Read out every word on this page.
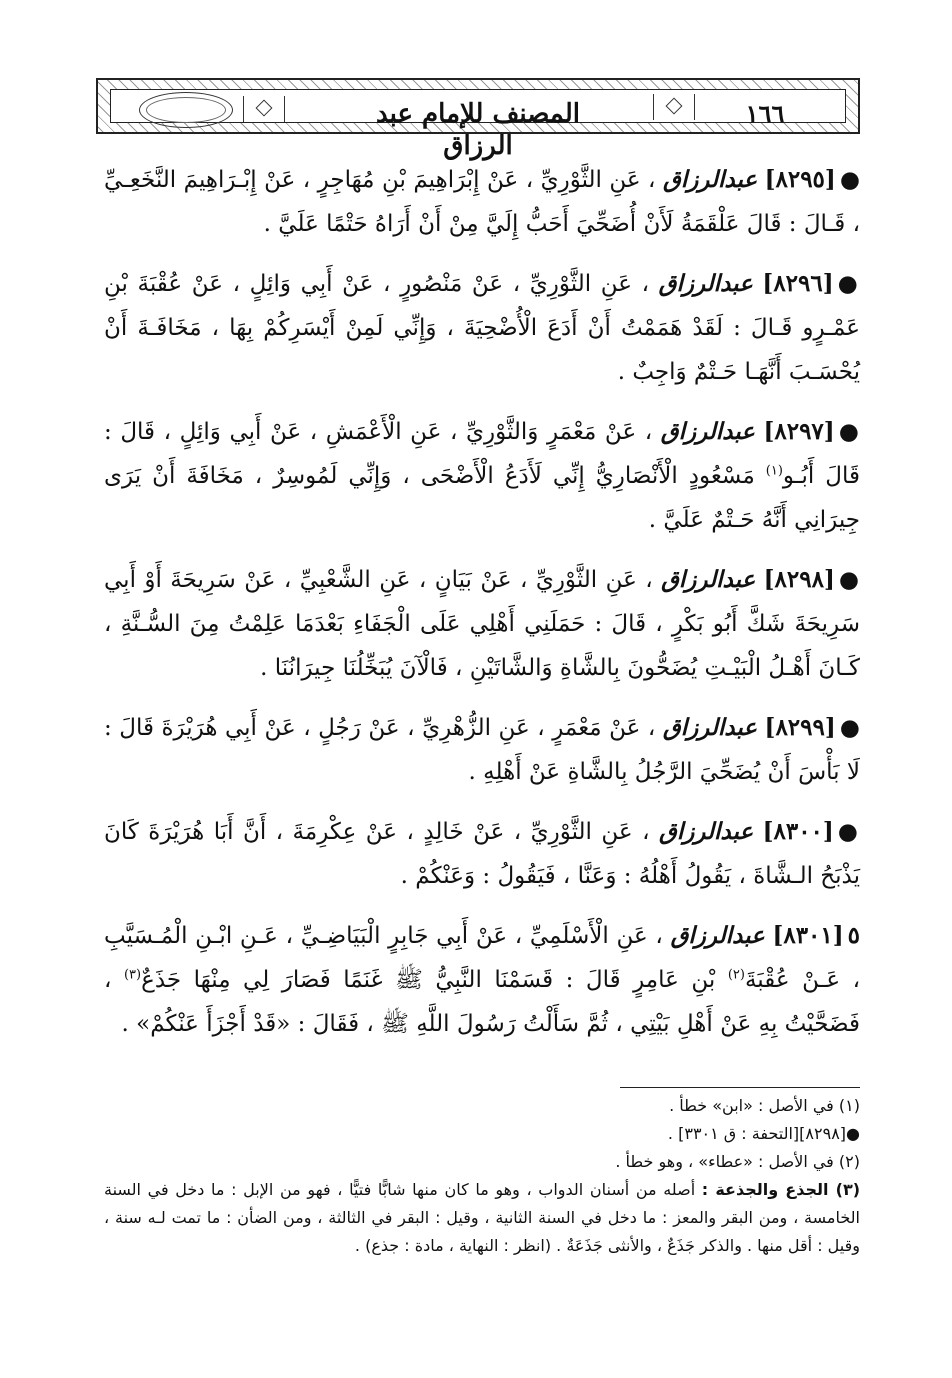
المصنف للإمام عبد الرزاق
١٦٦

●[٨٢٩٥] عبدالرزاق ، عَنِ الثَّوْرِيِّ ، عَنْ إِبْرَاهِيمَ بْنِ مُهَاجِرٍ ، عَنْ إِبْـرَاهِيمَ النَّخَعِـيِّ ، قَـالَ : قَالَ عَلْقَمَةُ لَأَنْ أُضَحِّيَ أَحَبُّ إِلَيَّ مِنْ أَنْ أَرَاهُ حَتْمًا عَلَيَّ .

●[٨٢٩٦] عبدالرزاق ، عَنِ الثَّوْرِيِّ ، عَنْ مَنْصُورٍ ، عَنْ أَبِي وَائِلٍ ، عَنْ عُقْبَةَ بْنِ عَمْـرٍو قَـالَ : لَقَدْ هَمَمْتُ أَنْ أَدَعَ الْأُضْحِيَةَ ، وَإِنِّي لَمِنْ أَيْسَرِكُمْ بِهَا ، مَخَافَـةَ أَنْ يُحْسَـبَ أَنَّهَـا حَـتْمٌ وَاجِبٌ .

●[٨٢٩٧] عبدالرزاق ، عَنْ مَعْمَرٍ وَالثَّوْرِيِّ ، عَنِ الْأَعْمَشِ ، عَنْ أَبِي وَائِلٍ ، قَالَ : قَالَ أَبُـو$^{(١)}$ مَسْعُودٍ الْأَنْصَارِيُّ إِنِّي لَأَدَعُ الْأَضْحَى ، وَإِنِّي لَمُوسِرٌ ، مَخَافَةَ أَنْ يَرَى جِيرَانِي أَنَّهُ حَـتْمٌ عَلَيَّ .

●[٨٢٩٨] عبدالرزاق ، عَنِ الثَّوْرِيِّ ، عَنْ بَيَانٍ ، عَنِ الشَّعْبِيِّ ، عَنْ سَرِيحَةَ أَوْ أَبِي سَرِيحَةَ شَكَّ أَبُو بَكْرٍ ، قَالَ : حَمَلَنِي أَهْلِي عَلَى الْجَفَاءِ بَعْدَمَا عَلِمْتُ مِنَ السُّـنَّةِ ، كَـانَ أَهْـلُ الْبَيْـتِ يُضَحُّونَ بِالشَّاةِ وَالشَّاتَيْنِ ، فَالْآنَ يُبَخِّلُنَا جِيرَانُنَا .

●[٨٢٩٩] عبدالرزاق ، عَنْ مَعْمَرٍ ، عَنِ الزُّهْرِيِّ ، عَنْ رَجُلٍ ، عَنْ أَبِي هُرَيْرَةَ قَالَ : لَا بَأْسَ أَنْ يُضَحِّيَ الرَّجُلُ بِالشَّاةِ عَنْ أَهْلِهِ .

●[٨٣٠٠] عبدالرزاق ، عَنِ الثَّوْرِيِّ ، عَنْ خَالِدٍ ، عَنْ عِكْرِمَةَ ، أَنَّ أَبَا هُرَيْرَةَ كَانَ يَذْبَحُ الـشَّاةَ ، يَقُولُ أَهْلُهُ : وَعَنَّا ، فَيَقُولُ : وَعَنْكُمْ .

٥[٨٣٠١] عبدالرزاق ، عَنِ الْأَسْلَمِيِّ ، عَنْ أَبِي جَابِرٍ الْبَيَاضِـيِّ ، عَـنِ ابْـنِ الْمُـسَيَّبِ ، عَـنْ عُقْبَةَ$^{(٢)}$ بْنِ عَامِرٍ قَالَ : قَسَمْنَا النَّبِيُّ ﷺ غَنَمًا فَصَارَ لِي مِنْهَا جَذَعٌ$^{(٣)}$ ، فَضَحَّيْتُ بِهِ عَنْ أَهْلِ بَيْتِي ، ثُمَّ سَأَلْتُ رَسُولَ اللَّهِ ﷺ ، فَقَالَ : «قَدْ أَجْزَأَ عَنْكُمْ» .

(١) في الأصل : «ابن» خطأ .

●[٨٢٩٨][التحفة : ق ٣٣٠١] .

(٢) في الأصل : «عطاء» ، وهو خطأ .

(٣) الجذع والجذعة : أصله من أسنان الدواب ، وهو ما كان منها شابًّا فتيًّا ، فهو من الإبل : ما دخل في السنة الخامسة ، ومن البقر والمعز : ما دخل في السنة الثانية ، وقيل : البقر في الثالثة ، ومن الضأن : ما تمت لـه سنة ، وقيل : أقل منها . والذكر جَذَعٌ ، والأنثى جَذَعَةٌ . (انظر : النهاية ، مادة : جذع) .
